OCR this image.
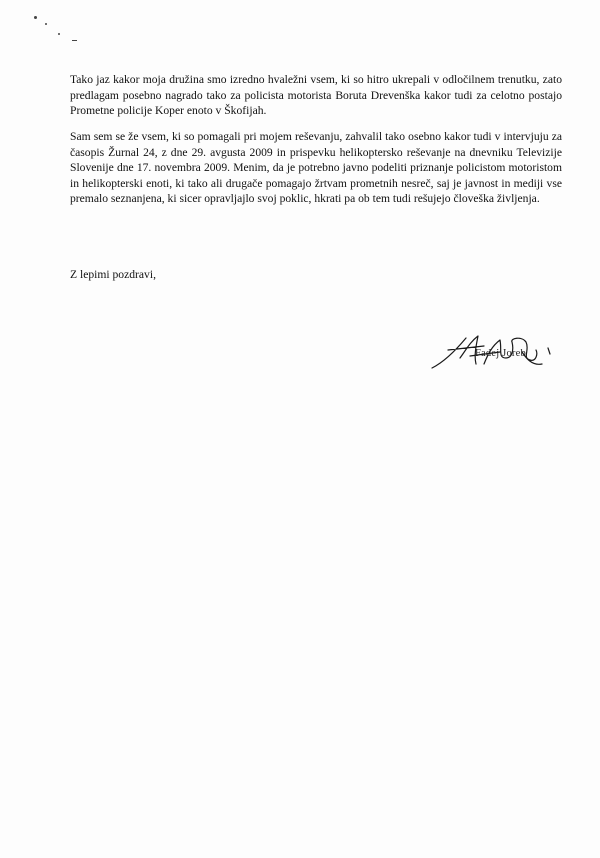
Tako jaz kakor moja družina smo izredno hvaležni vsem, ki so hitro ukrepali v odločilnem trenutku, zato predlagam posebno nagrado tako za policista motorista Boruta Drevenška kakor tudi za celotno postajo Prometne policije Koper enoto v Škofijah.

Sam sem se že vsem, ki so pomagali pri mojem reševanju, zahvalil tako osebno kakor tudi v intervjuju za časopis Žurnal 24, z dne 29. avgusta 2009 in prispevku helikoptersko reševanje na dnevniku Televizije Slovenije dne 17. novembra 2009. Menim, da je potrebno javno podeliti priznanje policistom motoristom in helikopterski enoti, ki tako ali drugače pomagajo žrtvam prometnih nesreč, saj je javnost in mediji vse premalo seznanjena, ki sicer opravljajlo svoj poklic, hkrati pa ob tem tudi rešujejo človeška življenja.

Z lepimi pozdravi,

Fadej Joreb
